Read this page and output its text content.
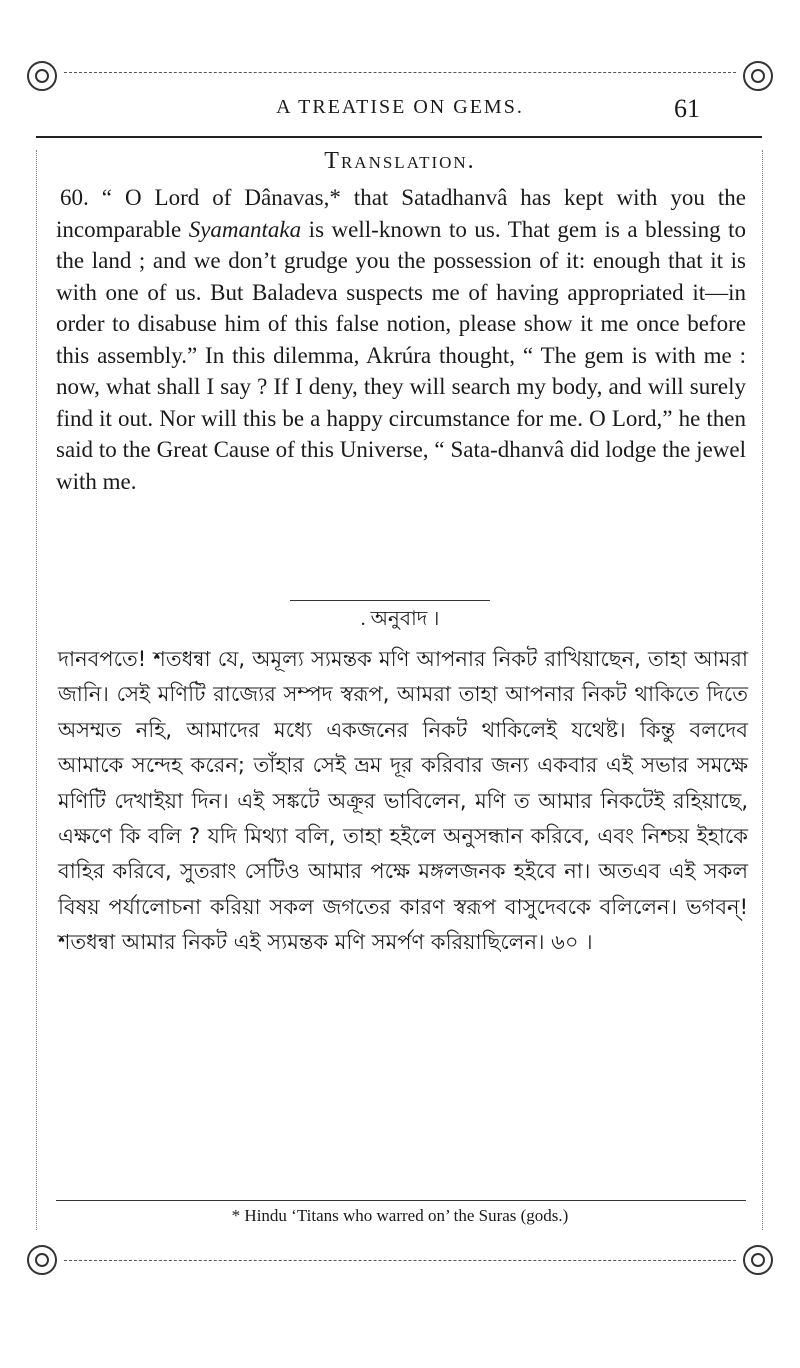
A TREATISE ON GEMS.	61
Translation.

60. “ O Lord of Dânavas,* that Satadhanvâ has kept with you the incomparable Syamantaka is well-known to us. That gem is a blessing to the land ; and we don’t grudge you the possession of it: enough that it is with one of us. But Baladeva suspects me of having appropriated it—in order to disabuse him of this false notion, please show it me once before this assembly.” In this dilemma, Akrúra thought, “ The gem is with me : now, what shall I say ? If I deny, they will search my body, and will surely find it out. Nor will this be a happy circumstance for me. O Lord,” he then said to the Great Cause of this Universe, “ Sata-dhanvâ did lodge the jewel with me.

. অনুবাদ ।

দানবপতে! শতধন্বা যে, অমূল্য স্যমন্তক মণি আপনার নিকট রাখিয়াছেন, তাহা আমরা জানি। সেই মণিটি রাজ্যের সম্পদ স্বরূপ, আমরা তাহা আপনার নিকট থাকিতে দিতে অসম্মত নহি, আমাদের মধ্যে একজনের নিকট থাকিলেই যথেষ্ট। কিন্তু বলদেব আমাকে সন্দেহ করেন; তাঁহার সেই ভ্রম দূর করিবার জন্য একবার এই সভার সমক্ষে মণিটি দেখাইয়া দিন। এই সঙ্কটে অক্রূর ভাবিলেন, মণি ত আমার নিকটেই রহিয়াছে, এক্ষণে কি বলি ? যদি মিথ্যা বলি, তাহা হইলে অনুসন্ধান করিবে, এবং নিশ্চয় ইহাকে বাহির করিবে, সুতরাং সেটিও আমার পক্ষে মঙ্গলজনক হইবে না। অতএব এই সকল বিষয় পর্যালোচনা করিয়া সকল জগতের কারণ স্বরূপ বাসুদেবকে বলিলেন। ভগবন্! শতধন্বা আমার নিকট এই স্যমন্তক মণি সমর্পণ করিয়াছিলেন। ৬০ ।

* Hindu ‘Titans who warred on’ the Suras (gods.)
